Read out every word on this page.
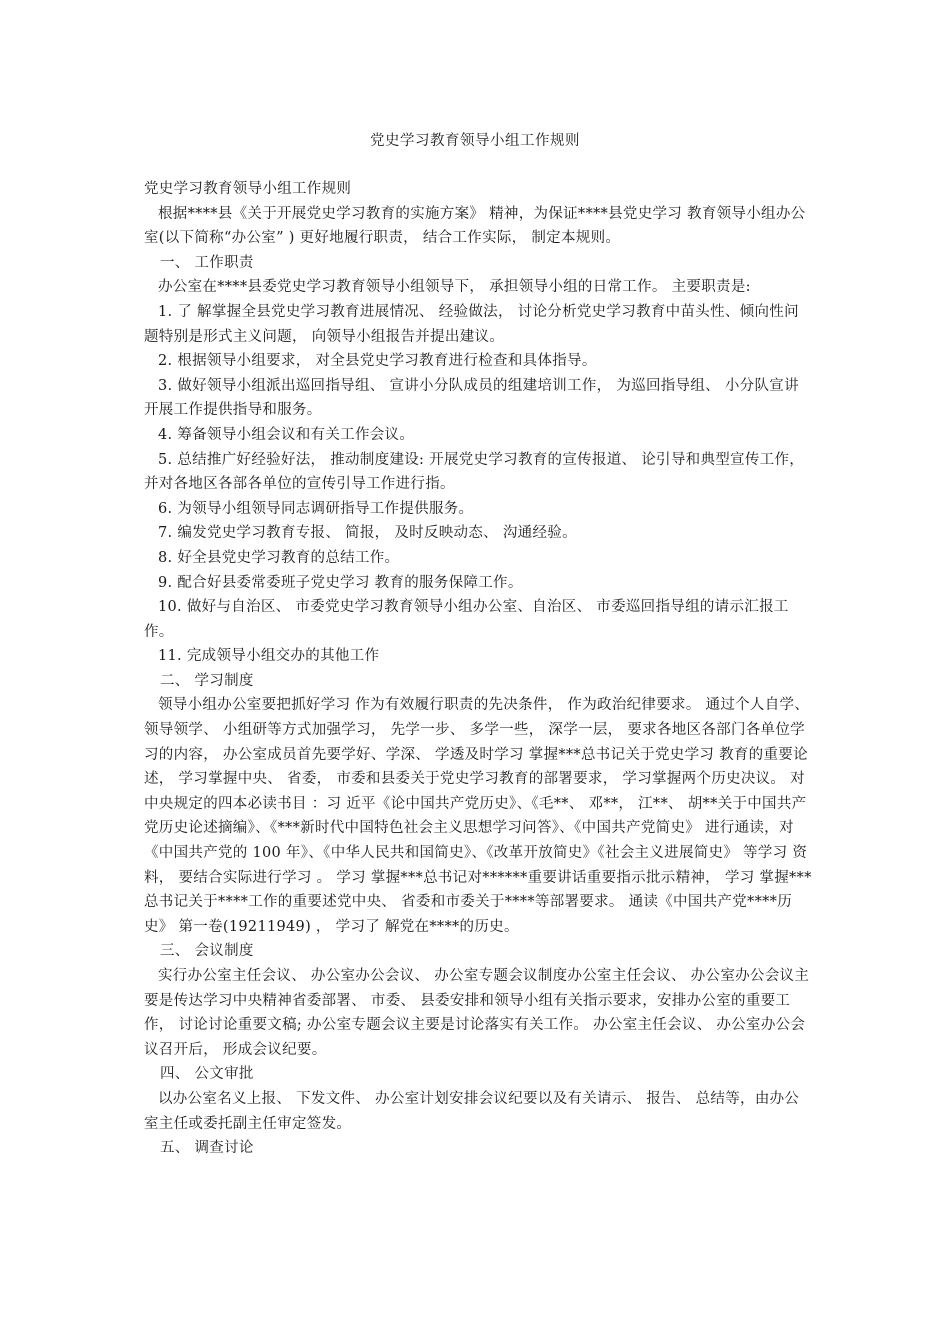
党史学习教育领导小组工作规则

党史学习教育领导小组工作规则

根据****县《关于开展党史学习教育的实施方案》 精神，为保证****县党史学习 教育领导小组办公室(以下简称“办公室” ) 更好地履行职责， 结合工作实际， 制定本规则。

一、 工作职责

办公室在****县委党史学习教育领导小组领导下， 承担领导小组的日常工作。 主要职责是:

1. 了 解掌握全县党史学习教育进展情况、 经验做法， 讨论分析党史学习教育中苗头性、倾向性问题特别是形式主义问题， 向领导小组报告并提出建议。

2. 根据领导小组要求， 对全县党史学习教育进行检查和具体指导。

3. 做好领导小组派出巡回指导组、 宣讲小分队成员的组建培训工作， 为巡回指导组、 小分队宣讲开展工作提供指导和服务。

4. 筹备领导小组会议和有关工作会议。

5. 总结推广好经验好法， 推动制度建设: 开展党史学习教育的宣传报道、 论引导和典型宣传工作， 并对各地区各部各单位的宣传引导工作进行指。

6. 为领导小组领导同志调研指导工作提供服务。

7. 编发党史学习教育专报、 简报， 及时反映动态、 沟通经验。

8. 好全县党史学习教育的总结工作。

9. 配合好县委常委班子党史学习 教育的服务保障工作。

10. 做好与自治区、 市委党史学习教育领导小组办公室、自治区、 市委巡回指导组的请示汇报工作。

11. 完成领导小组交办的其他工作

二、 学习制度

领导小组办公室要把抓好学习 作为有效履行职责的先决条件， 作为政治纪律要求。 通过个人自学、 领导领学、 小组研等方式加强学习， 先学一步、 多学一些， 深学一层， 要求各地区各部门各单位学习的内容， 办公室成员首先要学好、学深、 学透及时学习 掌握***总书记关于党史学习 教育的重要论述， 学习掌握中央、 省委， 市委和县委关于党史学习教育的部署要求， 学习掌握两个历史决议。 对中央规定的四本必读书目 ：习 近平《论中国共产党历史》、《毛**、 邓**， 江**、 胡**关于中国共产党历史论述摘编》、《***新时代中国特色社会主义思想学习问答》、《中国共产党简史》 进行通读，对《中国共产党的 100 年》、《中华人民共和国简史》、《改革开放简史》《社会主义进展简史》 等学习 资料， 要结合实际进行学习 。 学习 掌握***总书记对******重要讲话重要指示批示精神， 学习 掌握***总书记关于****工作的重要述党中央、 省委和市委关于****等部署要求。 通读《中国共产党****历史》 第一卷(19211949) ， 学习了 解党在****的历史。

三、 会议制度

实行办公室主任会议、 办公室办公会议、 办公室专题会议制度办公室主任会议、 办公室办公会议主要是传达学习中央精神省委部署、 市委、 县委安排和领导小组有关指示要求，安排办公室的重要工作， 讨论讨论重要文稿; 办公室专题会议主要是讨论落实有关工作。 办公室主任会议、 办公室办公会议召开后， 形成会议纪要。

四、 公文审批

以办公室名义上报、 下发文件、 办公室计划安排会议纪要以及有关请示、 报告、 总结等，由办公室主任或委托副主任审定签发。

五、 调查讨论
